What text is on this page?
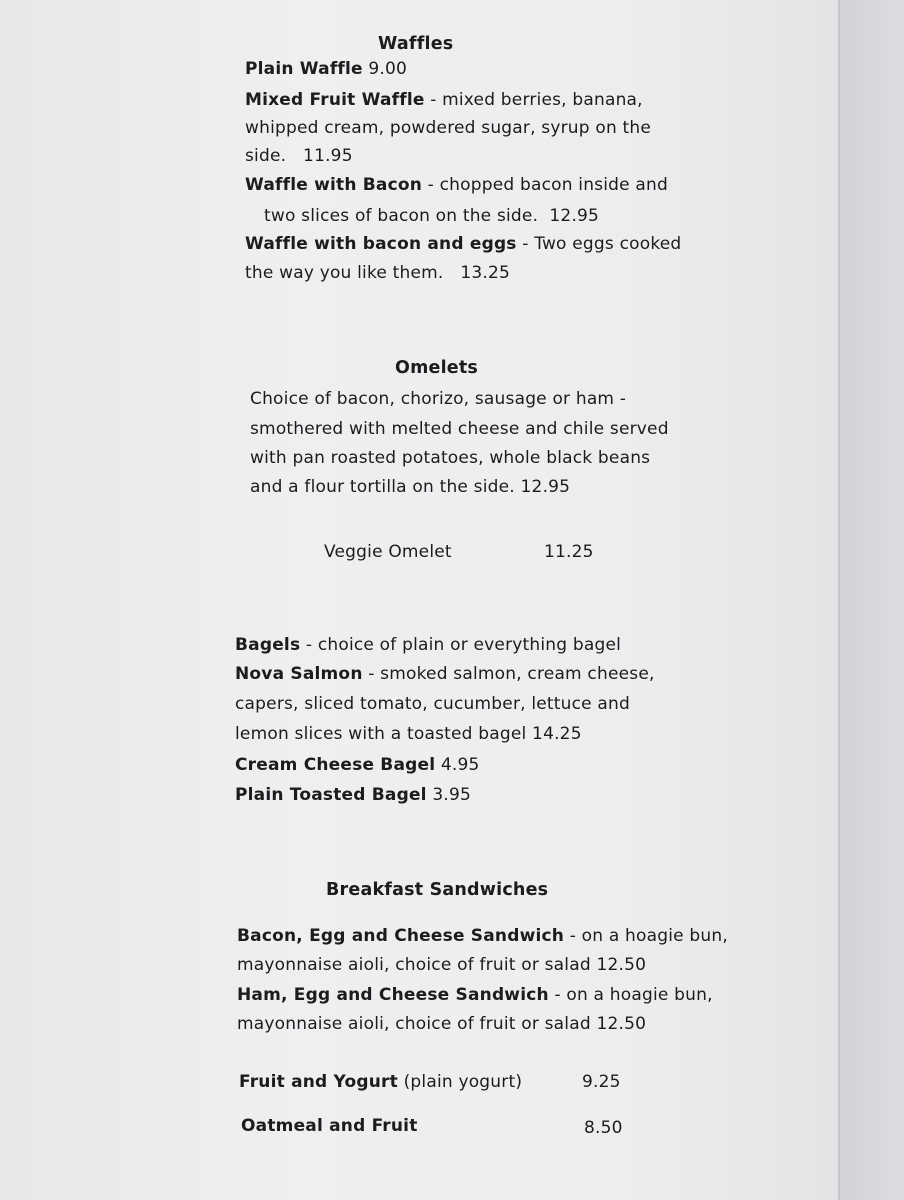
Waffles
Plain Waffle 9.00
Mixed Fruit Waffle - mixed berries, banana,
whipped cream, powdered sugar, syrup on the
side. 11.95
Waffle with Bacon - chopped bacon inside and
two slices of bacon on the side. 12.95
Waffle with bacon and eggs - Two eggs cooked
the way you like them. 13.25
Omelets
Choice of bacon, chorizo, sausage or ham -
smothered with melted cheese and chile served
with pan roasted potatoes, whole black beans
and a flour tortilla on the side. 12.95
Veggie Omelet	11.25
Bagels - choice of plain or everything bagel
Nova Salmon - smoked salmon, cream cheese,
capers, sliced tomato, cucumber, lettuce and
lemon slices with a toasted bagel 14.25
Cream Cheese Bagel 4.95
Plain Toasted Bagel 3.95
Breakfast Sandwiches
Bacon, Egg and Cheese Sandwich - on a hoagie bun,
mayonnaise aioli, choice of fruit or salad 12.50
Ham, Egg and Cheese Sandwich - on a hoagie bun,
mayonnaise aioli, choice of fruit or salad 12.50
Fruit and Yogurt (plain yogurt)	9.25
Oatmeal and Fruit	8.50
